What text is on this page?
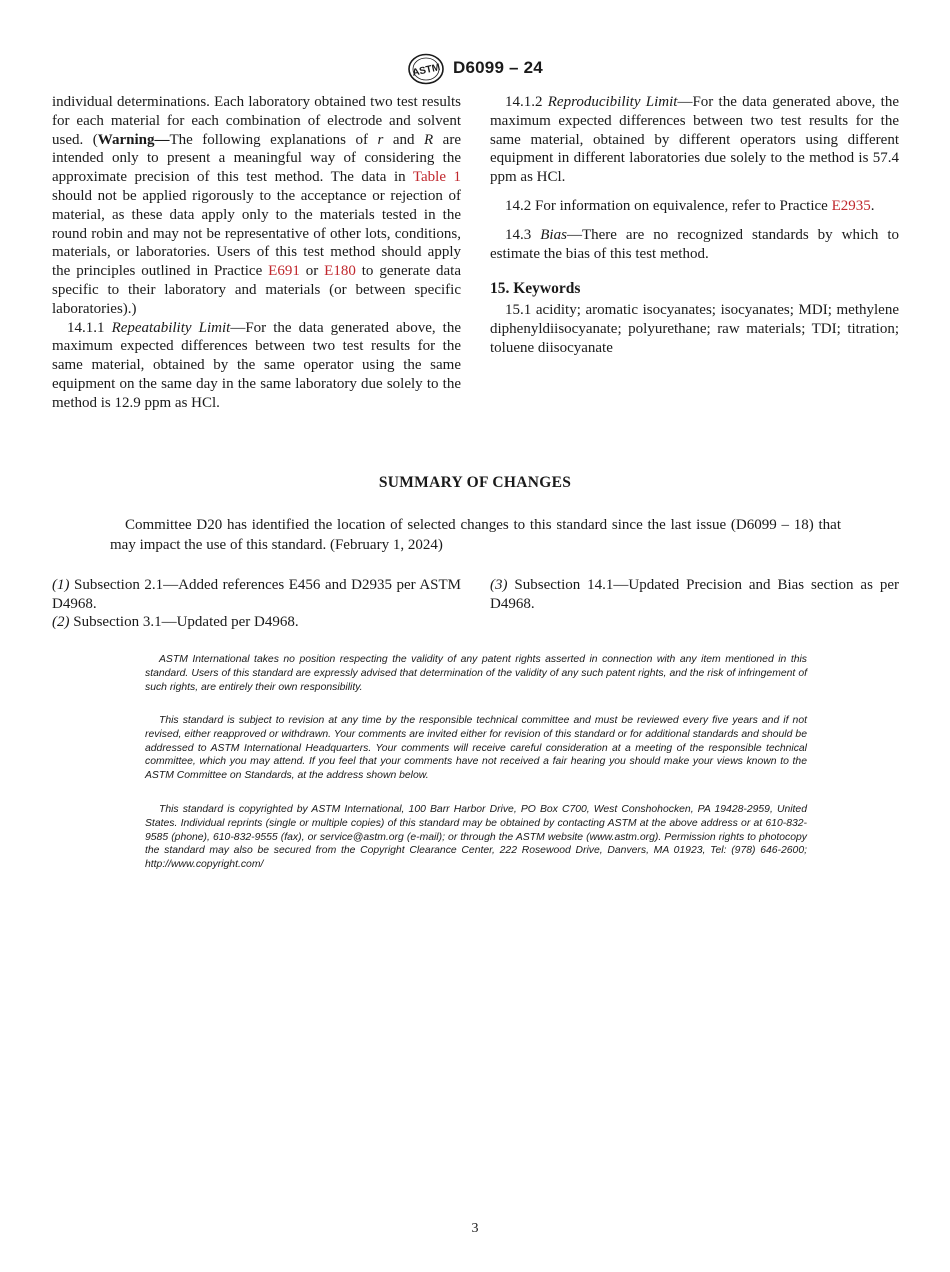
ASTM D6099 – 24

individual determinations. Each laboratory obtained two test results for each material for each combination of electrode and solvent used. (Warning—The following explanations of r and R are intended only to present a meaningful way of considering the approximate precision of this test method. The data in Table 1 should not be applied rigorously to the acceptance or rejection of material, as these data apply only to the materials tested in the round robin and may not be representative of other lots, conditions, materials, or laboratories. Users of this test method should apply the principles outlined in Practice E691 or E180 to generate data specific to their laboratory and materials (or between specific laboratories).)

14.1.1 Repeatability Limit—For the data generated above, the maximum expected differences between two test results for the same material, obtained by the same operator using the same equipment on the same day in the same laboratory due solely to the method is 12.9 ppm as HCl.

14.1.2 Reproducibility Limit—For the data generated above, the maximum expected differences between two test results for the same material, obtained by different operators using different equipment in different laboratories due solely to the method is 57.4 ppm as HCl.

14.2 For information on equivalence, refer to Practice E2935.

14.3 Bias—There are no recognized standards by which to estimate the bias of this test method.

15. Keywords

15.1 acidity; aromatic isocyanates; isocyanates; MDI; methylene diphenyldiisocyanate; polyurethane; raw materials; TDI; titration; toluene diisocyanate

SUMMARY OF CHANGES
Committee D20 has identified the location of selected changes to this standard since the last issue (D6099 – 18) that may impact the use of this standard. (February 1, 2024)

(1) Subsection 2.1—Added references E456 and D2935 per ASTM D4968.

(2) Subsection 3.1—Updated per D4968.

(3) Subsection 14.1—Updated Precision and Bias section as per D4968.

ASTM International takes no position respecting the validity of any patent rights asserted in connection with any item mentioned in this standard. Users of this standard are expressly advised that determination of the validity of any such patent rights, and the risk of infringement of such rights, are entirely their own responsibility.

This standard is subject to revision at any time by the responsible technical committee and must be reviewed every five years and if not revised, either reapproved or withdrawn. Your comments are invited either for revision of this standard or for additional standards and should be addressed to ASTM International Headquarters. Your comments will receive careful consideration at a meeting of the responsible technical committee, which you may attend. If you feel that your comments have not received a fair hearing you should make your views known to the ASTM Committee on Standards, at the address shown below.

This standard is copyrighted by ASTM International, 100 Barr Harbor Drive, PO Box C700, West Conshohocken, PA 19428-2959, United States. Individual reprints (single or multiple copies) of this standard may be obtained by contacting ASTM at the above address or at 610-832-9585 (phone), 610-832-9555 (fax), or service@astm.org (e-mail); or through the ASTM website (www.astm.org). Permission rights to photocopy the standard may also be secured from the Copyright Clearance Center, 222 Rosewood Drive, Danvers, MA 01923, Tel: (978) 646-2600; http://www.copyright.com/

3
